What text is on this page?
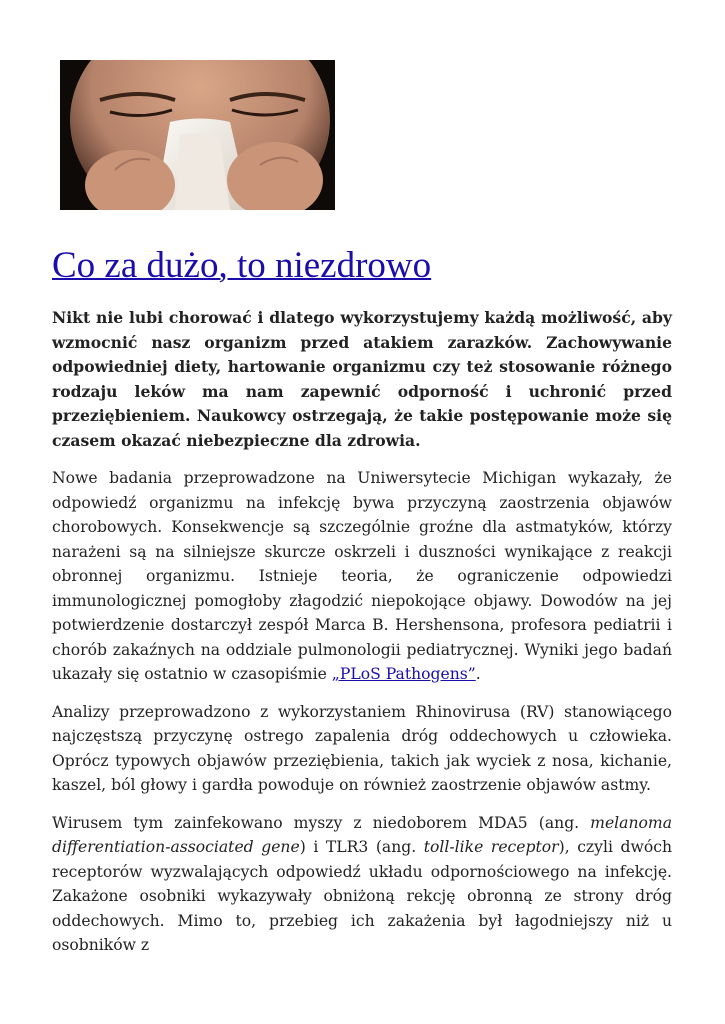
Co za dużo, to niezdrowo

Nikt nie lubi chorować i dlatego wykorzystujemy każdą możliwość, aby wzmocnić nasz organizm przed atakiem zarazków. Zachowywanie odpowiedniej diety, hartowanie organizmu czy też stosowanie różnego rodzaju leków ma nam zapewnić odporność i uchronić przed przeziębieniem. Naukowcy ostrzegają, że takie postępowanie może się czasem okazać niebezpieczne dla zdrowia.

Nowe badania przeprowadzone na Uniwersytecie Michigan wykazały, że odpowiedź organizmu na infekcję bywa przyczyną zaostrzenia objawów chorobowych. Konsekwencje są szczególnie groźne dla astmatyków, którzy narażeni są na silniejsze skurcze oskrzeli i duszności wynikające z reakcji obronnej organizmu. Istnieje teoria, że ograniczenie odpowiedzi immunologicznej pomogłoby złagodzić niepokojące objawy. Dowodów na jej potwierdzenie dostarczył zespół Marca B. Hershensona, profesora pediatrii i chorób zakaźnych na oddziale pulmonologii pediatrycznej. Wyniki jego badań ukazały się ostatnio w czasopiśmie „PLoS Pathogens”.

Analizy przeprowadzono z wykorzystaniem Rhinovirusa (RV) stanowiącego najczęstszą przyczynę ostrego zapalenia dróg oddechowych u człowieka. Oprócz typowych objawów przeziębienia, takich jak wyciek z nosa, kichanie, kaszel, ból głowy i gardła powoduje on również zaostrzenie objawów astmy.

Wirusem tym zainfekowano myszy z niedoborem MDA5 (ang. melanoma differentiation-associated gene) i TLR3 (ang. toll-like receptor), czyli dwóch receptorów wyzwalających odpowiedź układu odpornościowego na infekcję. Zakażone osobniki wykazywały obniżoną rekcję obronną ze strony dróg oddechowych. Mimo to, przebieg ich zakażenia był łagodniejszy niż u osobników z
